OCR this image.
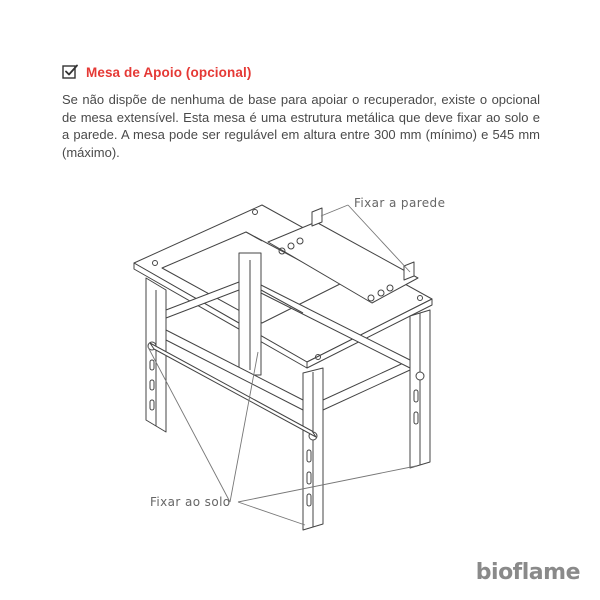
Mesa de Apoio (opcional)

Se não dispõe de nenhuma de base para apoiar o recuperador, existe o opcional de mesa extensível. Esta mesa é uma estrutura metálica que deve fixar ao solo e a parede. A mesa pode ser regulável em altura entre 300 mm (mínimo) e 545 mm (máximo).

Fixar a parede
Fixar ao solo
bioflame
